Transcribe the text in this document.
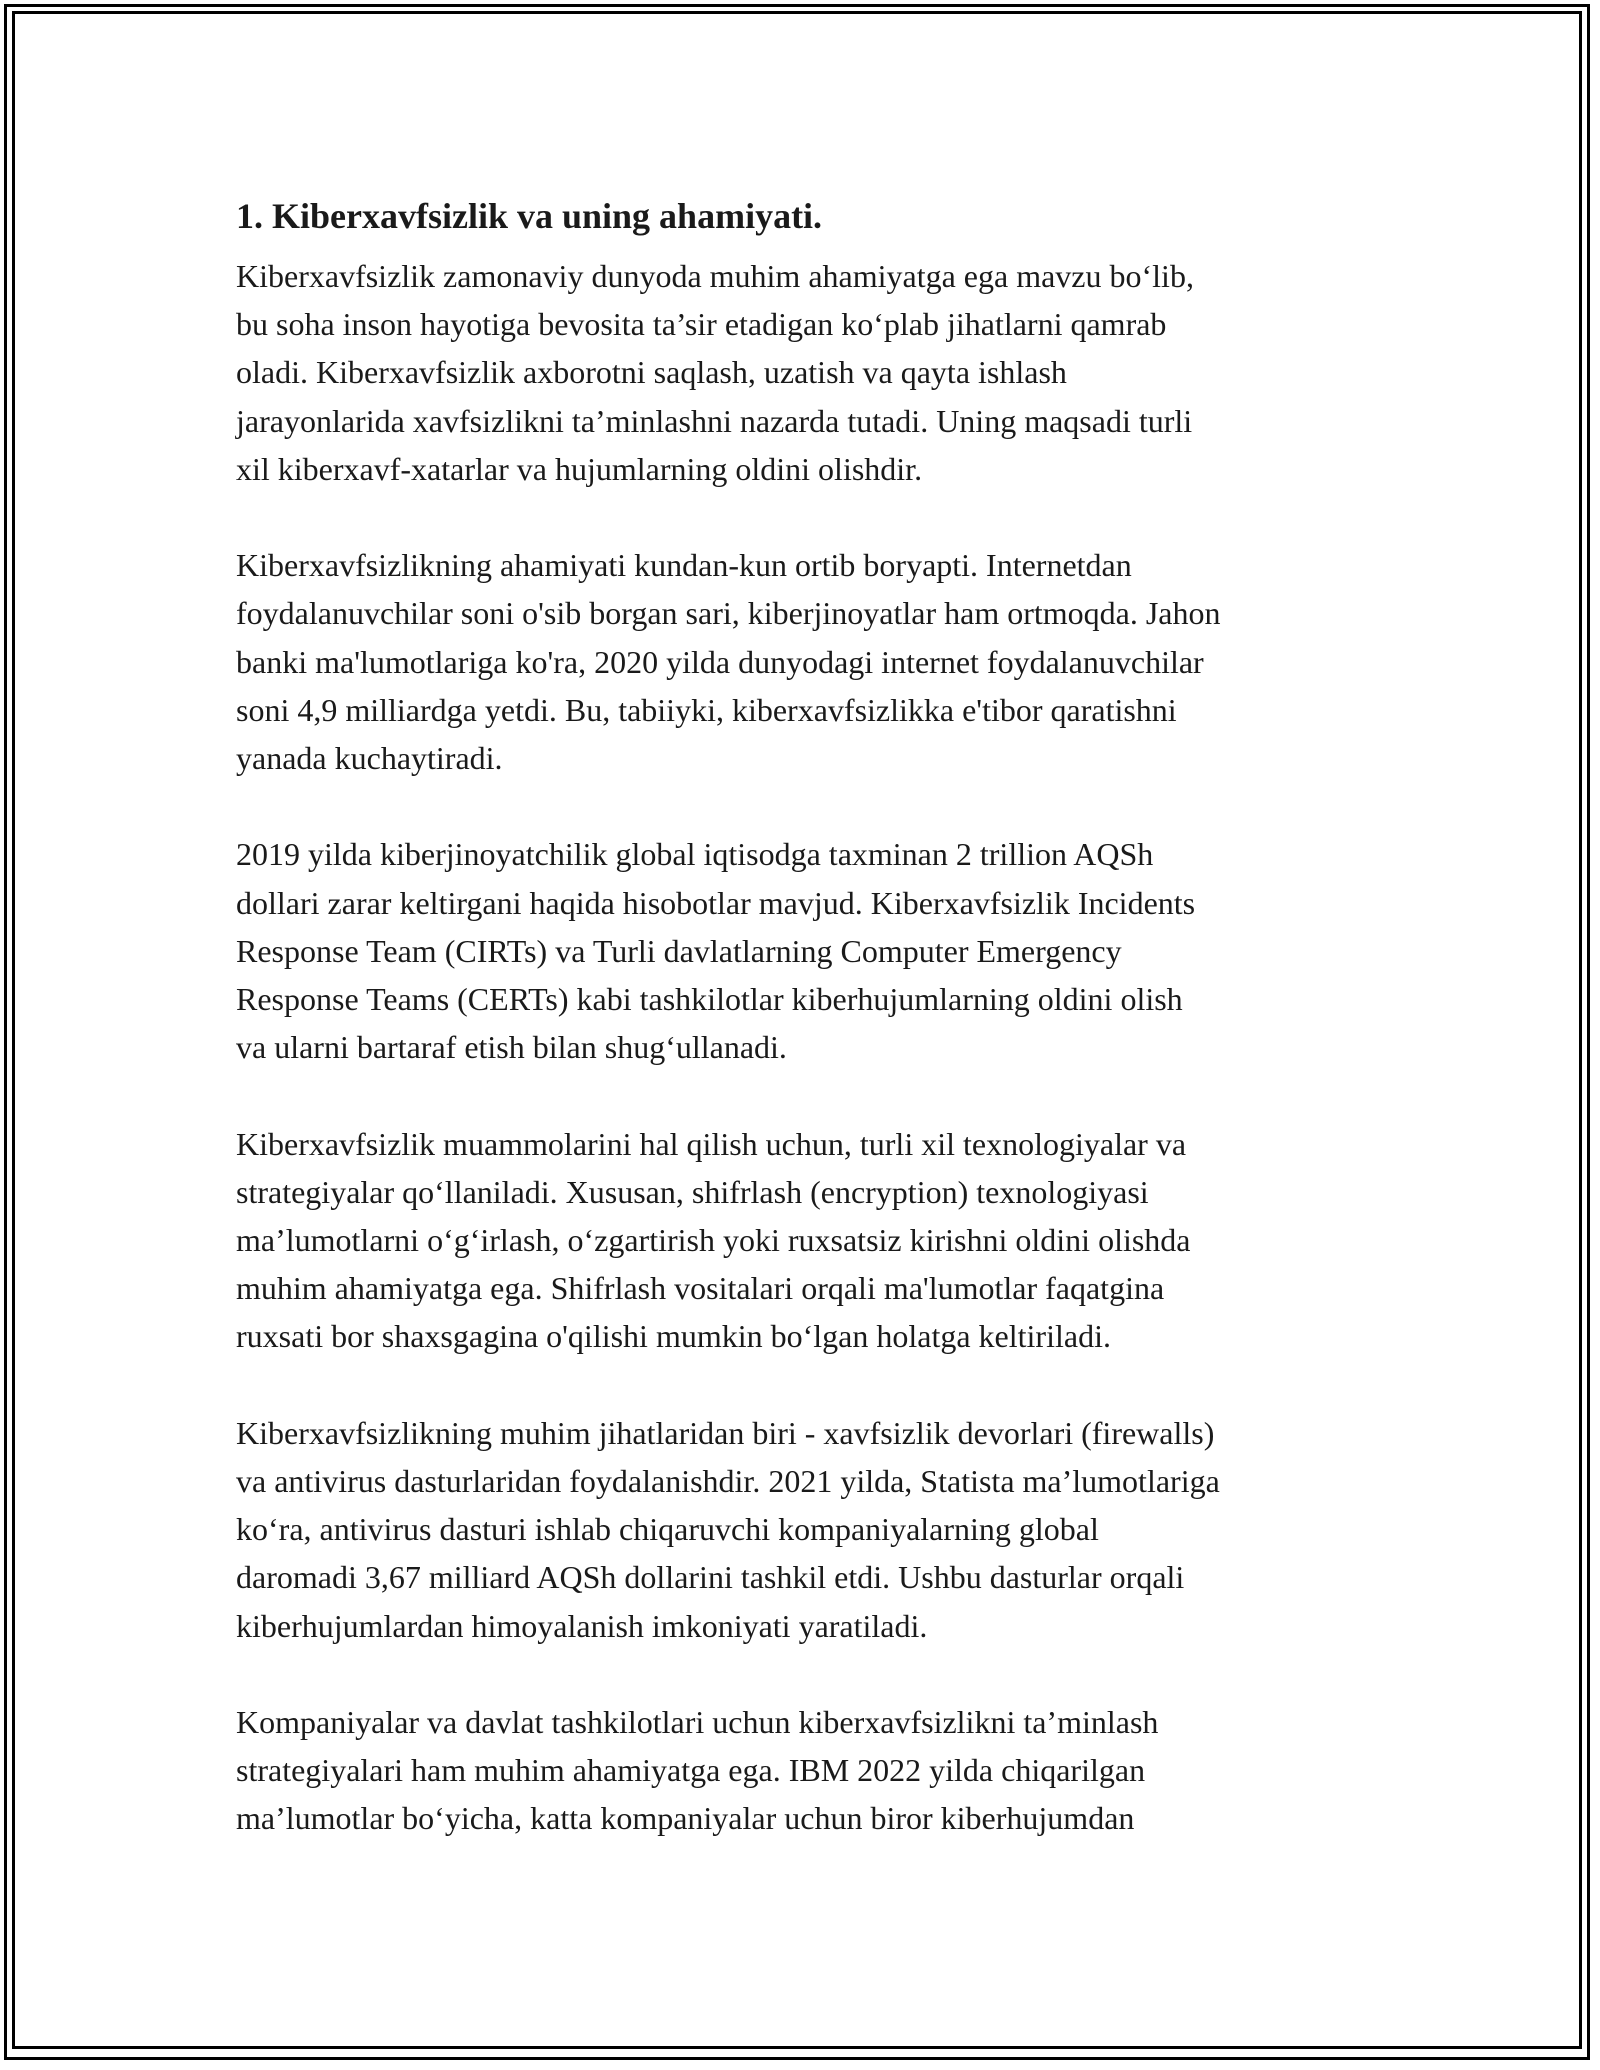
1. Kiberxavfsizlik va uning ahamiyati.

Kiberxavfsizlik zamonaviy dunyoda muhim ahamiyatga ega mavzu bo‘lib,
bu soha inson hayotiga bevosita ta’sir etadigan ko‘plab jihatlarni qamrab
oladi. Kiberxavfsizlik axborotni saqlash, uzatish va qayta ishlash
jarayonlarida xavfsizlikni ta’minlashni nazarda tutadi. Uning maqsadi turli
xil kiberxavf-xatarlar va hujumlarning oldini olishdir.

Kiberxavfsizlikning ahamiyati kundan-kun ortib boryapti. Internetdan
foydalanuvchilar soni o'sib borgan sari, kiberjinoyatlar ham ortmoqda. Jahon
banki ma'lumotlariga ko'ra, 2020 yilda dunyodagi internet foydalanuvchilar
soni 4,9 milliardga yetdi. Bu, tabiiyki, kiberxavfsizlikka e'tibor qaratishni
yanada kuchaytiradi.

2019 yilda kiberjinoyatchilik global iqtisodga taxminan 2 trillion AQSh
dollari zarar keltirgani haqida hisobotlar mavjud. Kiberxavfsizlik Incidents
Response Team (CIRTs) va Turli davlatlarning Computer Emergency
Response Teams (CERTs) kabi tashkilotlar kiberhujumlarning oldini olish
va ularni bartaraf etish bilan shug‘ullanadi.

Kiberxavfsizlik muammolarini hal qilish uchun, turli xil texnologiyalar va
strategiyalar qo‘llaniladi. Xususan, shifrlash (encryption) texnologiyasi
ma’lumotlarni o‘g‘irlash, o‘zgartirish yoki ruxsatsiz kirishni oldini olishda
muhim ahamiyatga ega. Shifrlash vositalari orqali ma'lumotlar faqatgina
ruxsati bor shaxsgagina o'qilishi mumkin bo‘lgan holatga keltiriladi.

Kiberxavfsizlikning muhim jihatlaridan biri - xavfsizlik devorlari (firewalls)
va antivirus dasturlaridan foydalanishdir. 2021 yilda, Statista ma’lumotlariga
ko‘ra, antivirus dasturi ishlab chiqaruvchi kompaniyalarning global
daromadi 3,67 milliard AQSh dollarini tashkil etdi. Ushbu dasturlar orqali
kiberhujumlardan himoyalanish imkoniyati yaratiladi.

Kompaniyalar va davlat tashkilotlari uchun kiberxavfsizlikni ta’minlash
strategiyalari ham muhim ahamiyatga ega. IBM 2022 yilda chiqarilgan
ma’lumotlar bo‘yicha, katta kompaniyalar uchun biror kiberhujumdan
